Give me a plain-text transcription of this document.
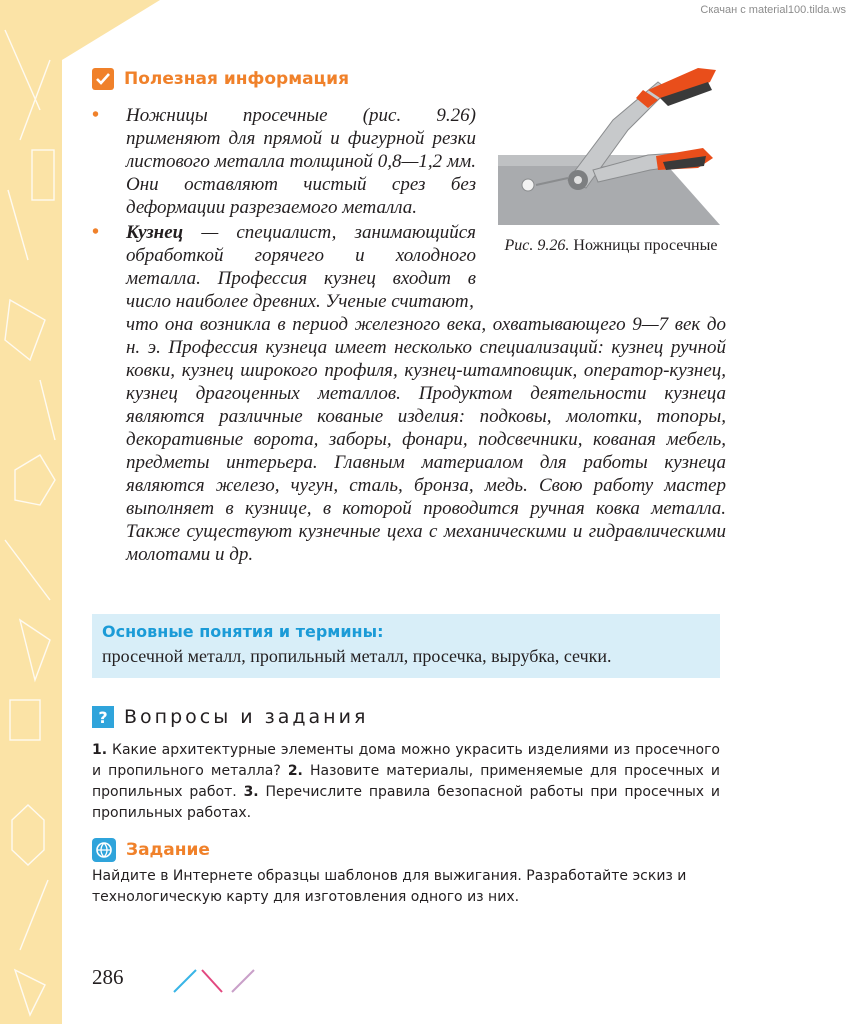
Скачан с material100.tilda.ws
Полезная информация
• Ножницы просечные (рис. 9.26) применяют для прямой и фигурной резки листового металла толщиной 0,8—1,2 мм. Они оставляют чистый срез без деформации разрезаемого металла.
• Кузнец — специалист, занимающийся обработкой горячего и холодного металла. Профессия кузнец входит в число наиболее древних. Ученые считают,
что она возникла в период железного века, охватывающего 9—7 век до н. э. Профессия кузнеца имеет несколько специализаций: кузнец ручной ковки, кузнец широкого профиля, кузнец-штамповщик, оператор-кузнец, кузнец драгоценных металлов. Продуктом деятельности кузнеца являются различные кованые изделия: подковы, молотки, топоры, декоративные ворота, заборы, фонари, подсвечники, кованая мебель, предметы интерьера. Главным материалом для работы кузнеца являются железо, чугун, сталь, бронза, медь. Свою работу мастер выполняет в кузнице, в которой проводится ручная ковка металла. Также существуют кузнечные цеха с механическими и гидравлическими молотами и др.
Рис. 9.26. Ножницы просечные
Основные понятия и термины:
просечной металл, пропильный металл, просечка, вырубка, сечки.
? Вопросы и задания
1. Какие архитектурные элементы дома можно украсить изделиями из просечного и пропильного металла? 2. Назовите материалы, применяемые для просечных и пропильных работ. 3. Перечислите правила безопасной работы при просечных и пропильных работах.
Задание
Найдите в Интернете образцы шаблонов для выжигания. Разработайте эскиз и технологическую карту для изготовления одного из них.
286
